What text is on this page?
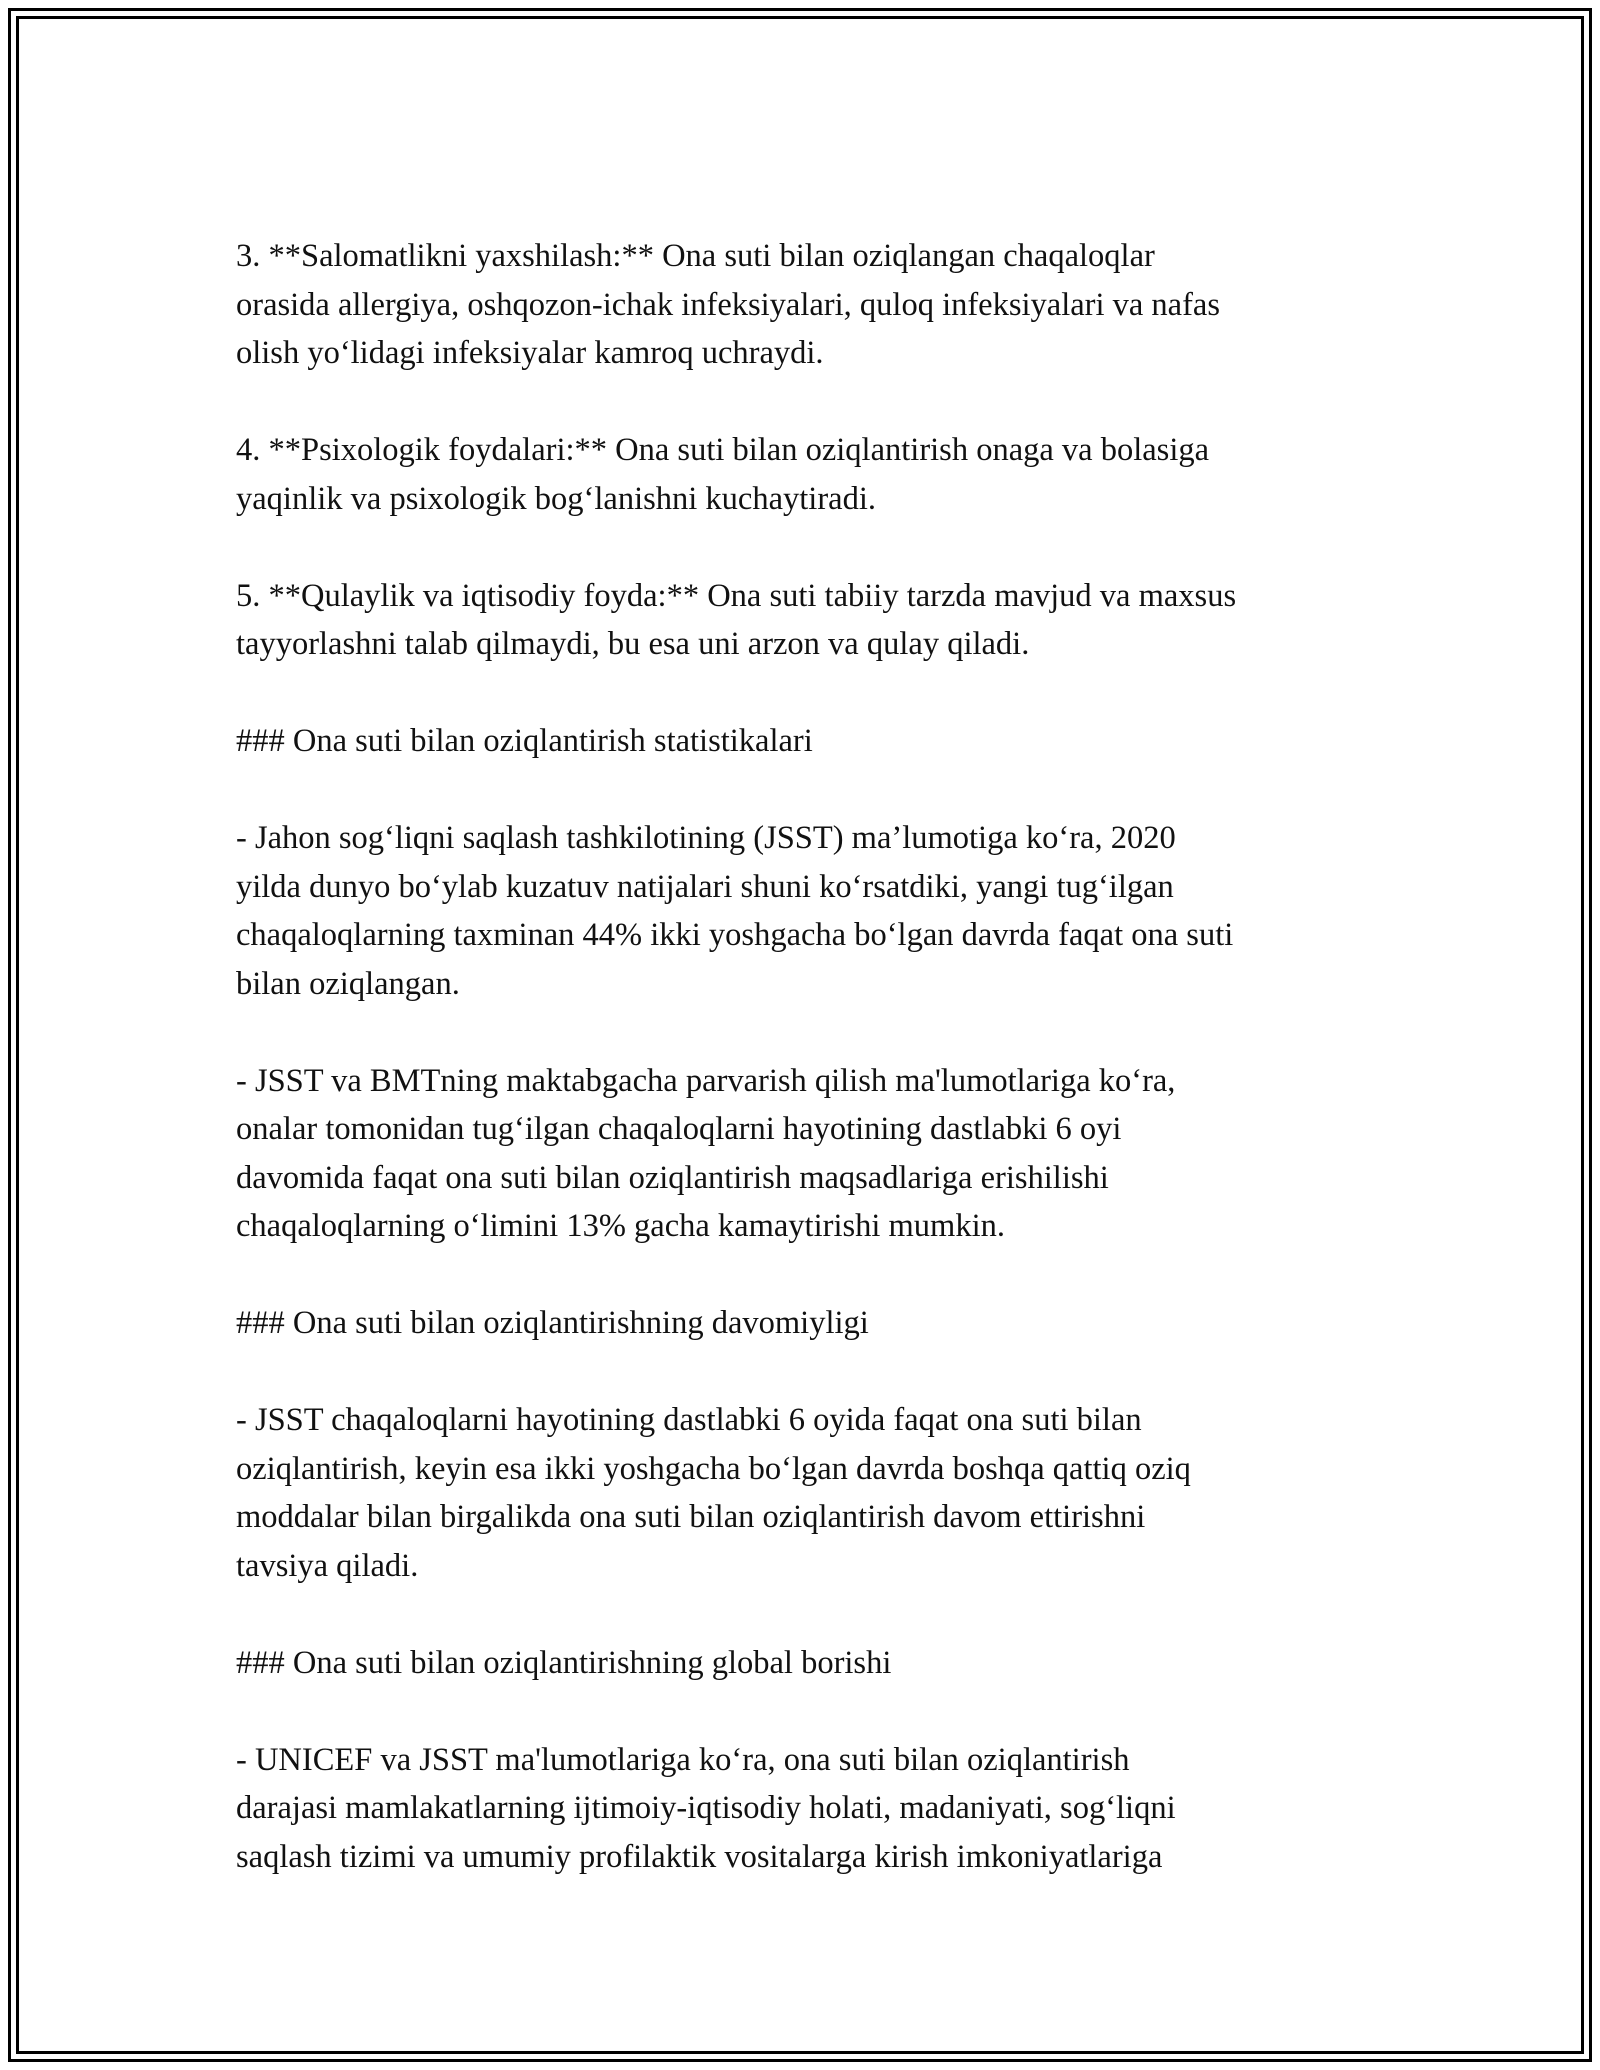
3. **Salomatlikni yaxshilash:** Ona suti bilan oziqlangan chaqaloqlar
orasida allergiya, oshqozon-ichak infeksiyalari, quloq infeksiyalari va nafas
olish yo‘lidagi infeksiyalar kamroq uchraydi.

4. **Psixologik foydalari:** Ona suti bilan oziqlantirish onaga va bolasiga
yaqinlik va psixologik bog‘lanishni kuchaytiradi.

5. **Qulaylik va iqtisodiy foyda:** Ona suti tabiiy tarzda mavjud va maxsus
tayyorlashni talab qilmaydi, bu esa uni arzon va qulay qiladi.

### Ona suti bilan oziqlantirish statistikalari

- Jahon sog‘liqni saqlash tashkilotining (JSST) ma’lumotiga ko‘ra, 2020
yilda dunyo bo‘ylab kuzatuv natijalari shuni ko‘rsatdiki, yangi tug‘ilgan
chaqaloqlarning taxminan 44% ikki yoshgacha bo‘lgan davrda faqat ona suti
bilan oziqlangan.

- JSST va BMTning maktabgacha parvarish qilish ma'lumotlariga ko‘ra,
onalar tomonidan tug‘ilgan chaqaloqlarni hayotining dastlabki 6 oyi
davomida faqat ona suti bilan oziqlantirish maqsadlariga erishilishi
chaqaloqlarning o‘limini 13% gacha kamaytirishi mumkin.

### Ona suti bilan oziqlantirishning davomiyligi

- JSST chaqaloqlarni hayotining dastlabki 6 oyida faqat ona suti bilan
oziqlantirish, keyin esa ikki yoshgacha bo‘lgan davrda boshqa qattiq oziq
moddalar bilan birgalikda ona suti bilan oziqlantirish davom ettirishni
tavsiya qiladi.

### Ona suti bilan oziqlantirishning global borishi

- UNICEF va JSST ma'lumotlariga ko‘ra, ona suti bilan oziqlantirish
darajasi mamlakatlarning ijtimoiy-iqtisodiy holati, madaniyati, sog‘liqni
saqlash tizimi va umumiy profilaktik vositalarga kirish imkoniyatlariga
